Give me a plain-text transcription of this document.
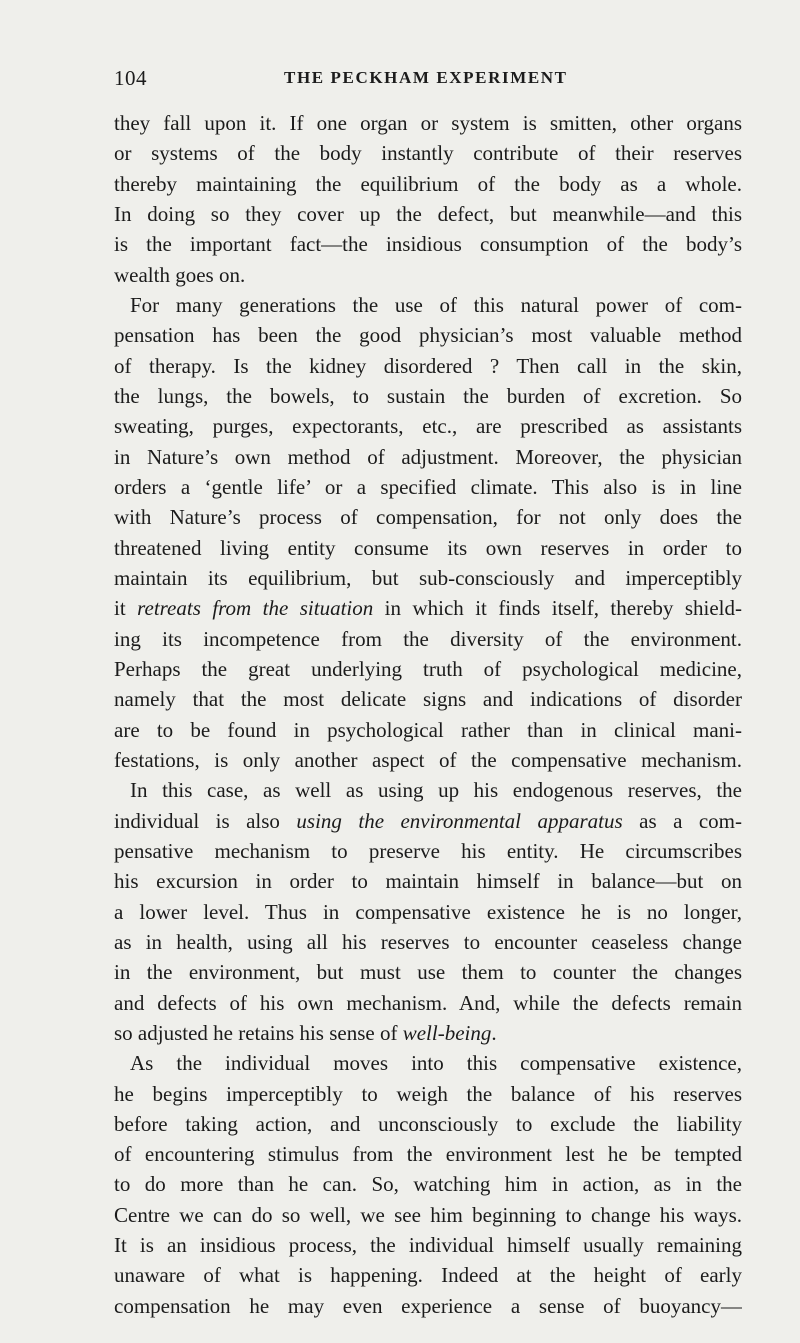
104	THE PECKHAM EXPERIMENT
they fall upon it. If one organ or system is smitten, other organs
or systems of the body instantly contribute of their reserves
thereby maintaining the equilibrium of the body as a whole.
In doing so they cover up the defect, but meanwhile—and this
is the important fact—the insidious consumption of the body’s
wealth goes on.
For many generations the use of this natural power of com-
pensation has been the good physician’s most valuable method
of therapy. Is the kidney disordered ? Then call in the skin,
the lungs, the bowels, to sustain the burden of excretion. So
sweating, purges, expectorants, etc., are prescribed as assistants
in Nature’s own method of adjustment. Moreover, the physician
orders a ‘gentle life’ or a specified climate. This also is in line
with Nature’s process of compensation, for not only does the
threatened living entity consume its own reserves in order to
maintain its equilibrium, but sub-consciously and imperceptibly
it retreats from the situation in which it finds itself, thereby shield-
ing its incompetence from the diversity of the environment.
Perhaps the great underlying truth of psychological medicine,
namely that the most delicate signs and indications of disorder
are to be found in psychological rather than in clinical mani-
festations, is only another aspect of the compensative mechanism.
In this case, as well as using up his endogenous reserves, the
individual is also using the environmental apparatus as a com-
pensative mechanism to preserve his entity. He circumscribes
his excursion in order to maintain himself in balance—but on
a lower level. Thus in compensative existence he is no longer,
as in health, using all his reserves to encounter ceaseless change
in the environment, but must use them to counter the changes
and defects of his own mechanism. And, while the defects remain
so adjusted he retains his sense of well-being.
As the individual moves into this compensative existence,
he begins imperceptibly to weigh the balance of his reserves
before taking action, and unconsciously to exclude the liability
of encountering stimulus from the environment lest he be tempted
to do more than he can. So, watching him in action, as in the
Centre we can do so well, we see him beginning to change his ways.
It is an insidious process, the individual himself usually remaining
unaware of what is happening. Indeed at the height of early
compensation he may even experience a sense of buoyancy—
